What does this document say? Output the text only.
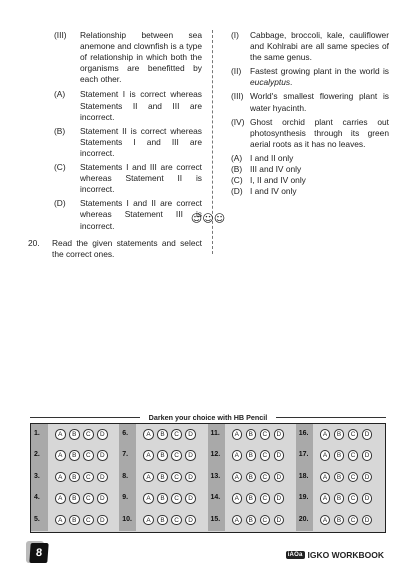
(III)	Relationship between sea anemone and clownfish is a type of relationship in which both the organisms are benefitted by each other.
(A)	Statement I is correct whereas Statements II and III are incorrect.
(B)	Statement II is correct whereas Statements I and III are incorrect.
(C)	Statements I and III are correct whereas Statement II is incorrect.
(D)	Statements I and II are correct whereas Statement III is incorrect.
20.	Read the given statements and select the correct ones.
(I)	Cabbage, broccoli, kale, cauliflower and Kohlrabi are all same species of the same genus.
(II)	Fastest growing plant in the world is eucalyptus.
(III) World's smallest flowering plant is water hyacinth.
(IV) Ghost orchid plant carries out photosynthesis through its green aerial roots as it has no leaves.
(A) I and II only
(B) III and IV only
(C) I, II and IV only
(D) I and IV only
☺☺☺
Darken your choice with HB Pencil
1.	A	B	C	D
2.	A	B	C	D
3.	A	B	C	D
4.	A	B	C	D
5.	A	B	C	D
6.	A	B	C	D
7.	A	B	C	D
8.	A	B	C	D
9.	A	B	C	D
10.	A	B	C	D
11.	A	B	C	D
12.	A	B	C	D
13.	A	B	C	D
14.	A	B	C	D
15.	A	B	C	D
16.	A	B	C	D
17.	A	B	C	D
18.	A	B	C	D
19.	A	B	C	D
20.	A	B	C	D
8	iAOa IGKO WORKBOOK
